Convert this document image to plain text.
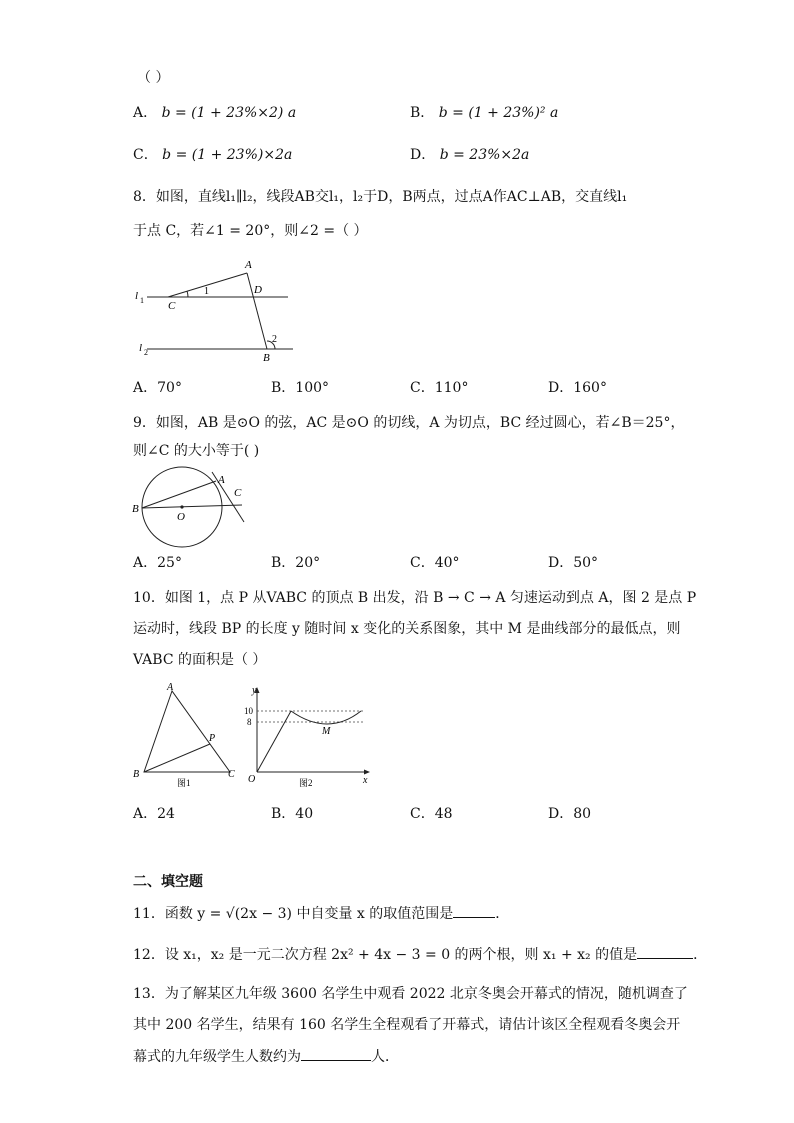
（ ）
A． b = (1 + 23%×2) a	B． b = (1 + 23%)² a
C． b = (1 + 23%)×2a	D． b = 23%×2a
8．如图，直线l₁∥l₂，线段AB交l₁，l₂于D，B两点，过点A作AC⊥AB，交直线l₁
于点 C，若∠1 = 20°，则∠2 =（ ）
A
C
D
B
1
2
l 1
l 2
A．70°	B．100°	C．110°	D．160°
9．如图，AB 是⊙O 的弦，AC 是⊙O 的切线，A 为切点，BC 经过圆心，若∠B＝25°，
则∠C 的大小等于( )
A
B
C
O
A．25°	B．20°	C．40°	D．50°
10．如图 1，点 P 从VABC 的顶点 B 出发，沿 B → C → A 匀速运动到点 A，图 2 是点 P
运动时，线段 BP 的长度 y 随时间 x 变化的关系图象，其中 M 是曲线部分的最低点，则
VABC 的面积是（ ）
A
B	C
P
图1
y
x
O
10
8
M
图2
A．24	B．40	C．48	D．80
二、填空题
11．函数 y = √(2x − 3) 中自变量 x 的取值范围是	．
12．设 x₁，x₂ 是一元二次方程 2x² + 4x − 3 = 0 的两个根，则 x₁ + x₂ 的值是	．
13．为了解某区九年级 3600 名学生中观看 2022 北京冬奥会开幕式的情况，随机调查了
其中 200 名学生，结果有 160 名学生全程观看了开幕式，请估计该区全程观看冬奥会开
幕式的九年级学生人数约为	人．
